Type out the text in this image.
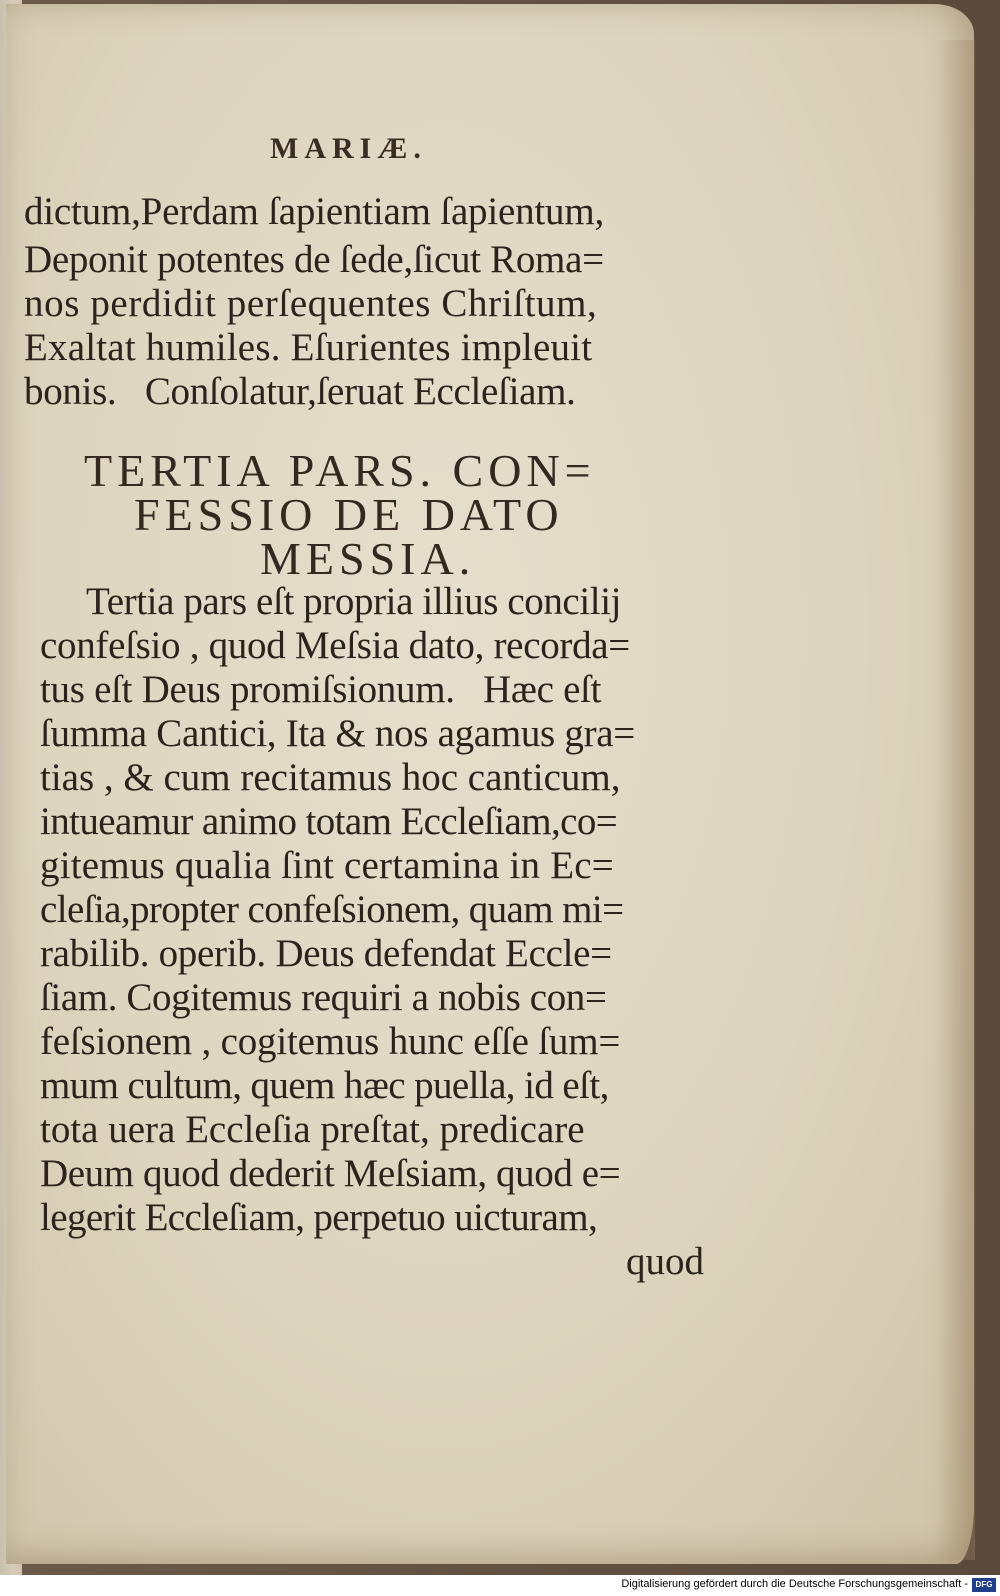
MARIÆ.
dictum,Perdam ſapientiam ſapientum,
Deponit potentes de ſede,ſicut Roma=
nos perdidit perſequentes Chriſtum,
Exaltat humiles. Eſurientes impleuit
bonis.   Conſolatur,ſeruat Eccleſiam.
TERTIA PARS. CON=
FESSIO DE DATO
MESSIA.
Tertia pars eſt propria illius concilij
confeſsio , quod Meſsia dato, recorda=
tus eſt Deus promiſsionum.   Hæc eſt
ſumma Cantici, Ita & nos agamus gra=
tias , & cum recitamus hoc canticum,
intueamur animo totam Eccleſiam,co=
gitemus qualia ſint certamina in Ec=
cleſia,propter confeſsionem, quam mi=
rabilib. operib. Deus defendat Eccle=
ſiam. Cogitemus requiri a nobis con=
feſsionem , cogitemus hunc eſſe ſum=
mum cultum, quem hæc puella, id eſt,
tota uera Eccleſia preſtat, predicare
Deum quod dederit Meſsiam, quod e=
legerit Eccleſiam, perpetuo uicturam,
quod
Digitalisierung gefördert durch die Deutsche Forschungsgemeinschaft - DFG
